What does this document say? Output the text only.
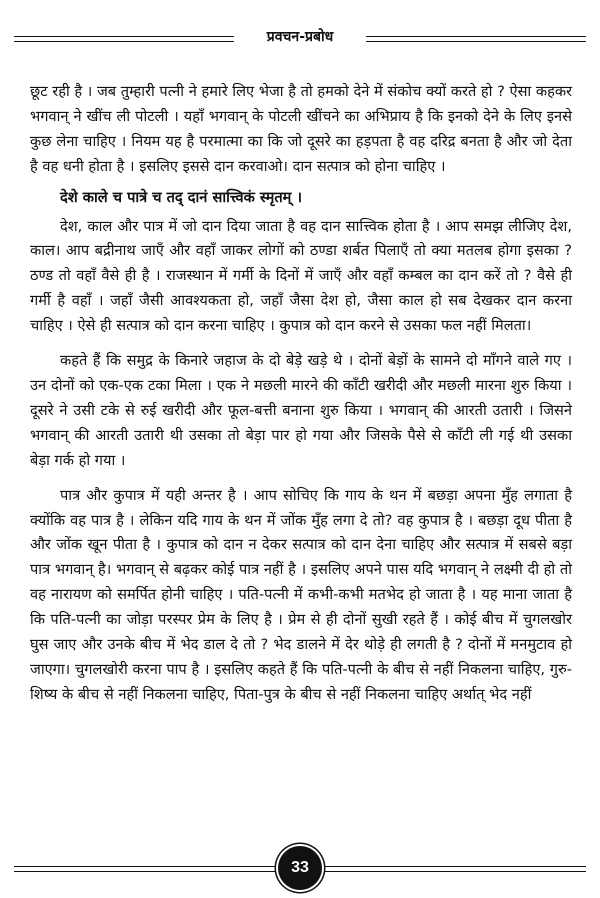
प्रवचन-प्रबोध

छूट रही है । जब तुम्हारी पत्नी ने हमारे लिए भेजा है तो हमको देने में संकोच क्यों करते हो ? ऐसा कहकर भगवान् ने खींच ली पोटली । यहाँ भगवान् के पोटली खींचने का अभिप्राय है कि इनको देने के लिए इनसे कुछ लेना चाहिए । नियम यह है परमात्मा का कि जो दूसरे का हड़पता है वह दरिद्र बनता है और जो देता है वह धनी होता है । इसलिए इससे दान करवाओ। दान सत्पात्र को होना चाहिए ।

देशे काले च पात्रे च तद् दानं सात्त्विकं स्मृतम् ।

देश, काल और पात्र में जो दान दिया जाता है वह दान सात्त्विक होता है । आप समझ लीजिए देश, काल। आप बद्रीनाथ जाएँ और वहाँ जाकर लोगों को ठण्डा शर्बत पिलाएँ तो क्या मतलब होगा इसका ? ठण्ड तो वहाँ वैसे ही है । राजस्थान में गर्मी के दिनों में जाएँ और वहाँ कम्बल का दान करें तो ? वैसे ही गर्मी है वहाँ । जहाँ जैसी आवश्यकता हो, जहाँ जैसा देश हो, जैसा काल हो सब देखकर दान करना चाहिए । ऐसे ही सत्पात्र को दान करना चाहिए । कुपात्र को दान करने से उसका फल नहीं मिलता।

कहते हैं कि समुद्र के किनारे जहाज के दो बेड़े खड़े थे । दोनों बेड़ों के सामने दो माँगने वाले गए । उन दोनों को एक-एक टका मिला । एक ने मछली मारने की काँटी खरीदी और मछली मारना शुरु किया । दूसरे ने उसी टके से रुई खरीदी और फूल-बत्ती बनाना शुरु किया । भगवान् की आरती उतारी । जिसने भगवान् की आरती उतारी थी उसका तो बेड़ा पार हो गया और जिसके पैसे से काँटी ली गई थी उसका बेड़ा गर्क हो गया ।

पात्र और कुपात्र में यही अन्तर है । आप सोचिए कि गाय के थन में बछड़ा अपना मुँह लगाता है क्योंकि वह पात्र है । लेकिन यदि गाय के थन में जोंक मुँह लगा दे तो? वह कुपात्र है । बछड़ा दूध पीता है और जोंक खून पीता है । कुपात्र को दान न देकर सत्पात्र को दान देना चाहिए और सत्पात्र में सबसे बड़ा पात्र भगवान् है। भगवान् से बढ़कर कोई पात्र नहीं है । इसलिए अपने पास यदि भगवान् ने लक्ष्मी दी हो तो वह नारायण को समर्पित होनी चाहिए । पति-पत्नी में कभी-कभी मतभेद हो जाता है । यह माना जाता है कि पति-पत्नी का जोड़ा परस्पर प्रेम के लिए है । प्रेम से ही दोनों सुखी रहते हैं । कोई बीच में चुगलखोर घुस जाए और उनके बीच में भेद डाल दे तो ? भेद डालने में देर थोड़े ही लगती है ? दोनों में मनमुटाव हो जाएगा। चुगलखोरी करना पाप है । इसलिए कहते हैं कि पति-पत्नी के बीच से नहीं निकलना चाहिए, गुरु-शिष्य के बीच से नहीं निकलना चाहिए, पिता-पुत्र के बीच से नहीं निकलना चाहिए अर्थात् भेद नहीं

33
